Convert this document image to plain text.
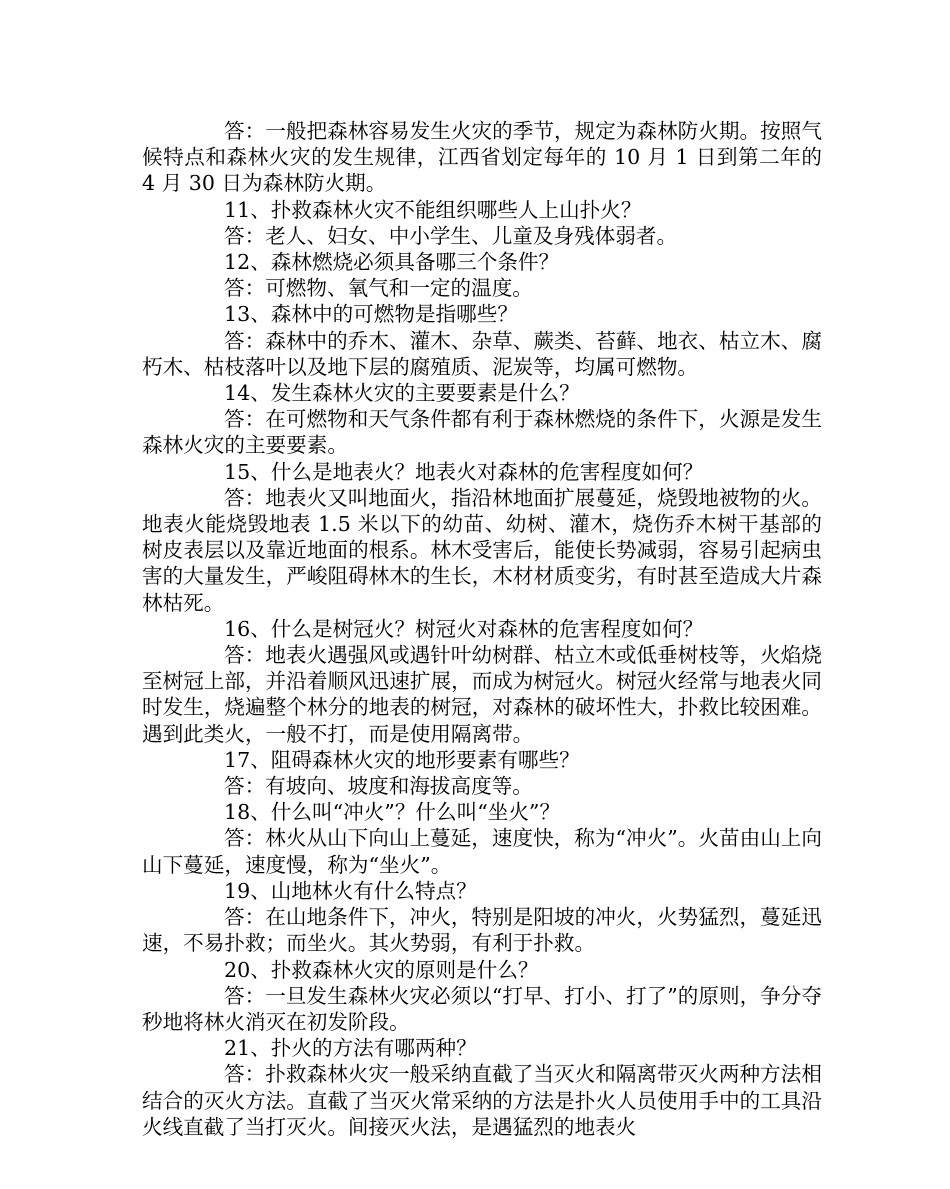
答：一般把森林容易发生火灾的季节，规定为森林防火期。按照气候特点和森林火灾的发生规律，江西省划定每年的 10 月 1 日到第二年的 4 月 30 日为森林防火期。

11、扑救森林火灾不能组织哪些人上山扑火？

答：老人、妇女、中小学生、儿童及身残体弱者。

12、森林燃烧必须具备哪三个条件？

答：可燃物、氧气和一定的温度。

13、森林中的可燃物是指哪些？

答：森林中的乔木、灌木、杂草、蕨类、苔藓、地衣、枯立木、腐朽木、枯枝落叶以及地下层的腐殖质、泥炭等，均属可燃物。

14、发生森林火灾的主要要素是什么？

答：在可燃物和天气条件都有利于森林燃烧的条件下，火源是发生森林火灾的主要要素。

15、什么是地表火？地表火对森林的危害程度如何？

答：地表火又叫地面火，指沿林地面扩展蔓延，烧毁地被物的火。地表火能烧毁地表 1.5 米以下的幼苗、幼树、灌木，烧伤乔木树干基部的树皮表层以及靠近地面的根系。林木受害后，能使长势减弱，容易引起病虫害的大量发生，严峻阻碍林木的生长，木材材质变劣，有时甚至造成大片森林枯死。

16、什么是树冠火？树冠火对森林的危害程度如何？

答：地表火遇强风或遇针叶幼树群、枯立木或低垂树枝等，火焰烧至树冠上部，并沿着顺风迅速扩展，而成为树冠火。树冠火经常与地表火同时发生，烧遍整个林分的地表的树冠，对森林的破坏性大，扑救比较困难。遇到此类火，一般不打，而是使用隔离带。

17、阻碍森林火灾的地形要素有哪些？

答：有坡向、坡度和海拔高度等。

18、什么叫“冲火”？什么叫“坐火”？

答：林火从山下向山上蔓延，速度快，称为“冲火”。火苗由山上向山下蔓延，速度慢，称为“坐火”。

19、山地林火有什么特点？

答：在山地条件下，冲火，特别是阳坡的冲火，火势猛烈，蔓延迅速，不易扑救；而坐火。其火势弱，有利于扑救。

20、扑救森林火灾的原则是什么？

答：一旦发生森林火灾必须以“打早、打小、打了”的原则，争分夺秒地将林火消灭在初发阶段。

21、扑火的方法有哪两种？

答：扑救森林火灾一般采纳直截了当灭火和隔离带灭火两种方法相结合的灭火方法。直截了当灭火常采纳的方法是扑火人员使用手中的工具沿火线直截了当打灭火。间接灭火法，是遇猛烈的地表火
